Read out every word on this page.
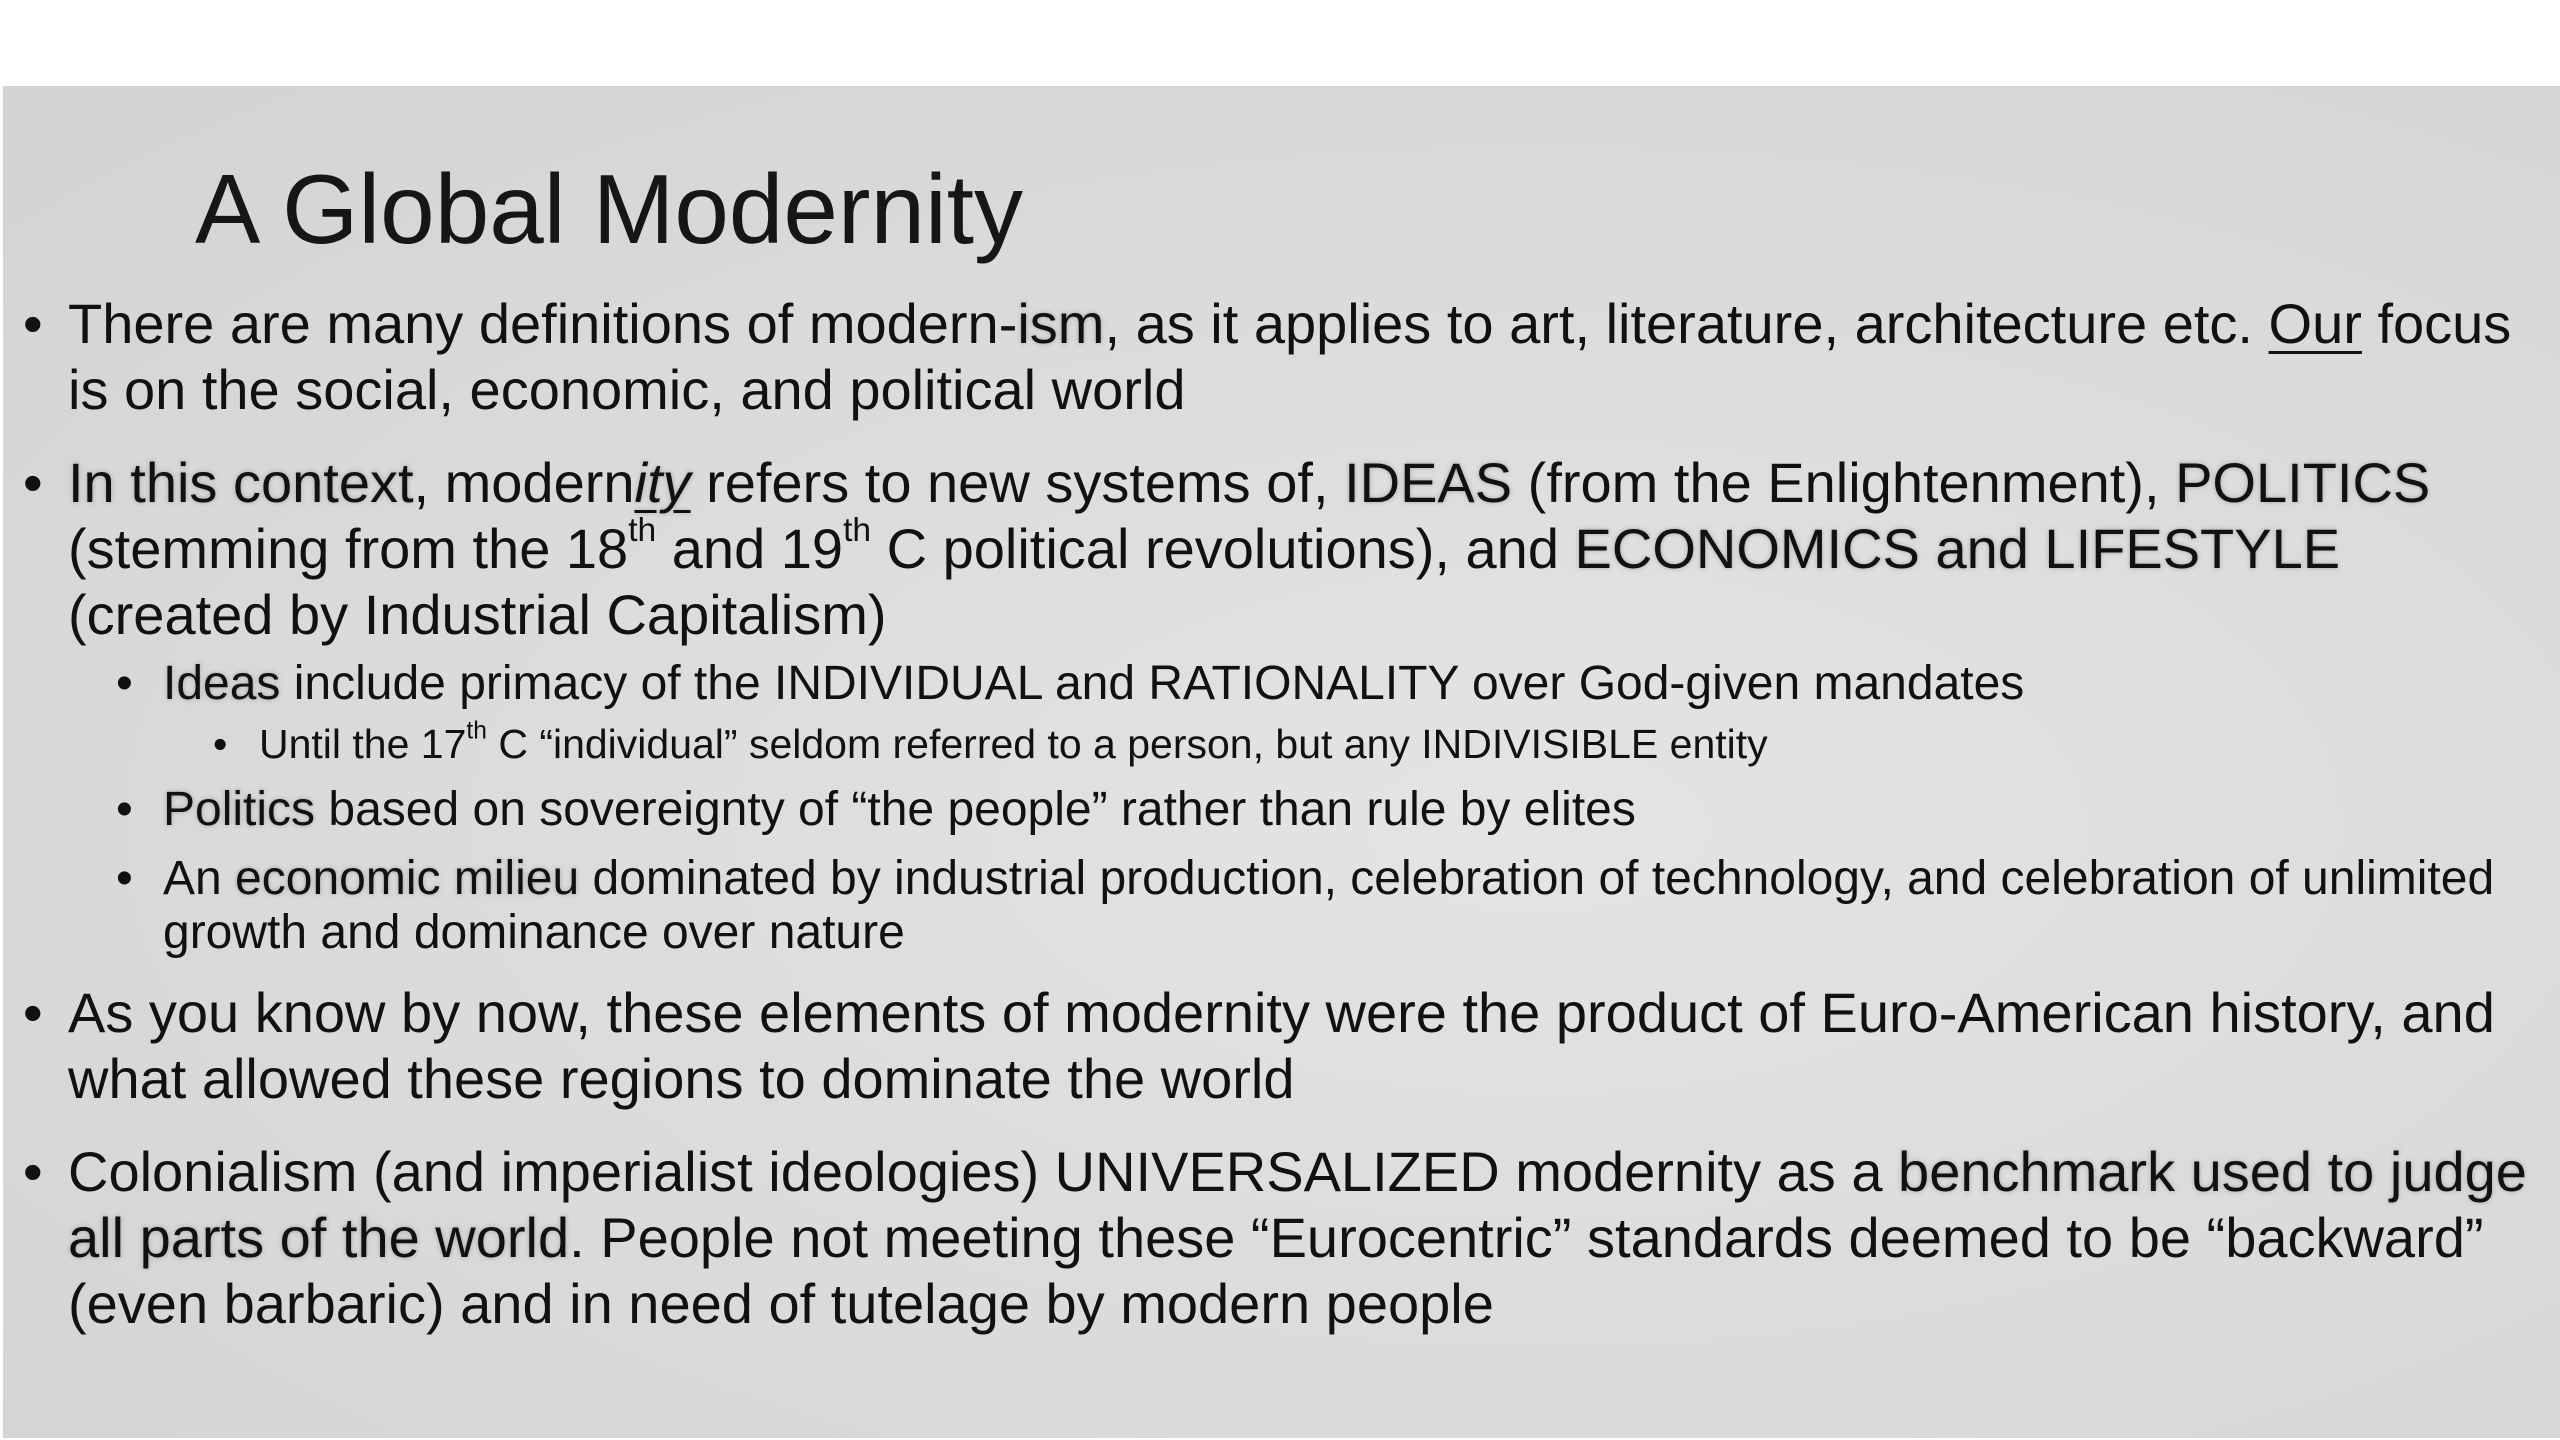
A Global Modernity
• There are many definitions of modern-ism, as it applies to art, literature, architecture etc. Our focus is on the social, economic, and political world
• In this context, modernity refers to new systems of, IDEAS (from the Enlightenment), POLITICS (stemming from the 18th and 19th C political revolutions), and ECONOMICS and LIFESTYLE (created by Industrial Capitalism)
• Ideas include primacy of the INDIVIDUAL and RATIONALITY over God-given mandates
• Until the 17th C “individual” seldom referred to a person, but any INDIVISIBLE entity
• Politics based on sovereignty of “the people” rather than rule by elites
• An economic milieu dominated by industrial production, celebration of technology, and celebration of unlimited growth and dominance over nature
• As you know by now, these elements of modernity were the product of Euro-American history, and what allowed these regions to dominate the world
• Colonialism (and imperialist ideologies) UNIVERSALIZED modernity as a benchmark used to judge all parts of the world. People not meeting these “Eurocentric” standards deemed to be “backward” (even barbaric) and in need of tutelage by modern people
